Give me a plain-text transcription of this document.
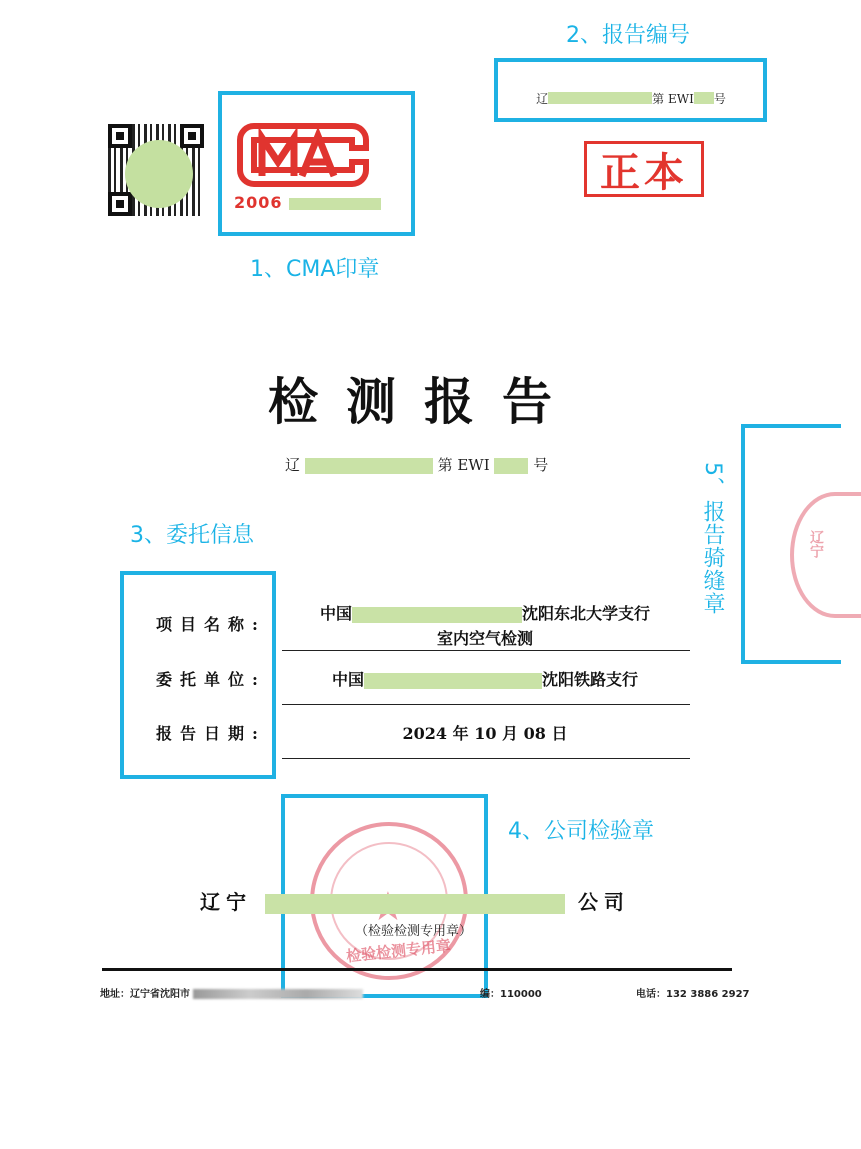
2、报告编号
1、CMA印章
3、委托信息
4、公司检验章
5、报告骑缝章
2006
辽	第 EWI 号
正本
检测报告
辽	第 EWI	号
项目名称:
中国	沈阳东北大学支行
室内空气检测
委托单位:	中国	沈阳铁路支行
报告日期:	2024 年 10 月 08 日
检验检测专用章
辽宁	公司
（检验检测专用章）
地址：辽宁省沈阳市	编：110000	电话：132 3886 2927
辽宁
